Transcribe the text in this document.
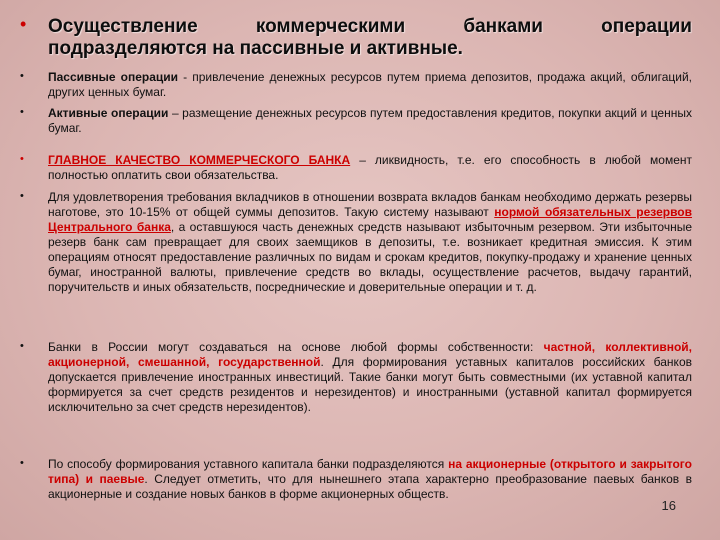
• Осуществление коммерческими банками операции подразделяются на пассивные и активные.
• Пассивные операции - привлечение денежных ресурсов путем приема депозитов, продажа акций, облигаций, других ценных бумаг.
• Активные операции – размещение денежных ресурсов путем предоставления кредитов, покупки акций и ценных бумаг.
• ГЛАВНОЕ КАЧЕСТВО КОММЕРЧЕСКОГО БАНКА – ликвидность, т.е. его способность в любой момент полностью оплатить свои обязательства.
• Для удовлетворения требования вкладчиков в отношении возврата вкладов банкам необходимо держать резервы наготове, это 10-15% от общей суммы депозитов. Такую систему называют нормой обязательных резервов Центрального банка, а оставшуюся часть денежных средств называют избыточным резервом. Эти избыточные резерв банк сам превращает для своих заемщиков в депозиты, т.е. возникает кредитная эмиссия. К этим операциям относят предоставление различных по видам и срокам кредитов, покупку-продажу и хранение ценных бумаг, иностранной валюты, привлечение средств во вклады, осуществление расчетов, выдачу гарантий, поручительств и иных обязательств, посреднические и доверительные операции и т. д.
• Банки в России могут создаваться на основе любой формы собственности: частной, коллективной, акционерной, смешанной, государственной. Для формирования уставных капиталов российских банков допускается привлечение иностранных инвестиций. Такие банки могут быть совместными (их уставной капитал формируется за счет средств резидентов и нерезидентов) и иностранными (уставной капитал формируется исключительно за счет средств нерезидентов).
• По способу формирования уставного капитала банки подразделяются на акционерные (открытого и закрытого типа) и паевые. Следует отметить, что для нынешнего этапа характерно преобразование паевых банков в акционерные и создание новых банков в форме акционерных обществ.
16
